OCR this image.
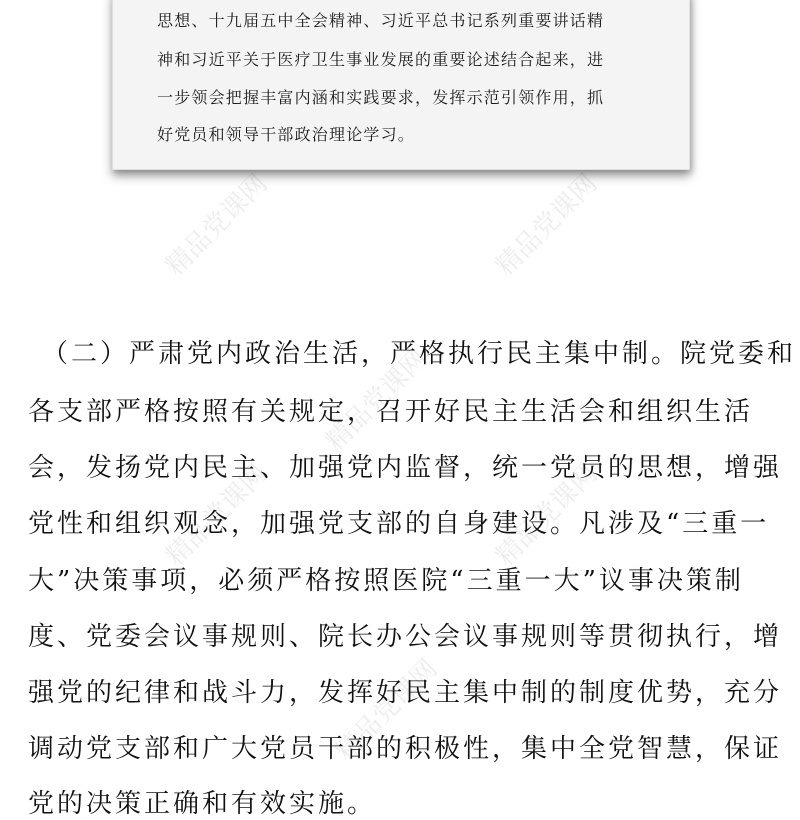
精品党课网	精品党课网
精品党课网
精品党课网	精品党课网
精品党课网
思想、十九届五中全会精神、习近平总书记系列重要讲话精
神和习近平关于医疗卫生事业发展的重要论述结合起来，进
一步领会把握丰富内涵和实践要求，发挥示范引领作用，抓
好党员和领导干部政治理论学习。
（二）严肃党内政治生活，严格执行民主集中制。院党委和
各支部严格按照有关规定，召开好民主生活会和组织生活
会，发扬党内民主、加强党内监督，统一党员的思想，增强
党性和组织观念，加强党支部的自身建设。凡涉及“三重一
大”决策事项，必须严格按照医院“三重一大”议事决策制
度、党委会议事规则、院长办公会议事规则等贯彻执行，增
强党的纪律和战斗力，发挥好民主集中制的制度优势，充分
调动党支部和广大党员干部的积极性，集中全党智慧，保证
党的决策正确和有效实施。
